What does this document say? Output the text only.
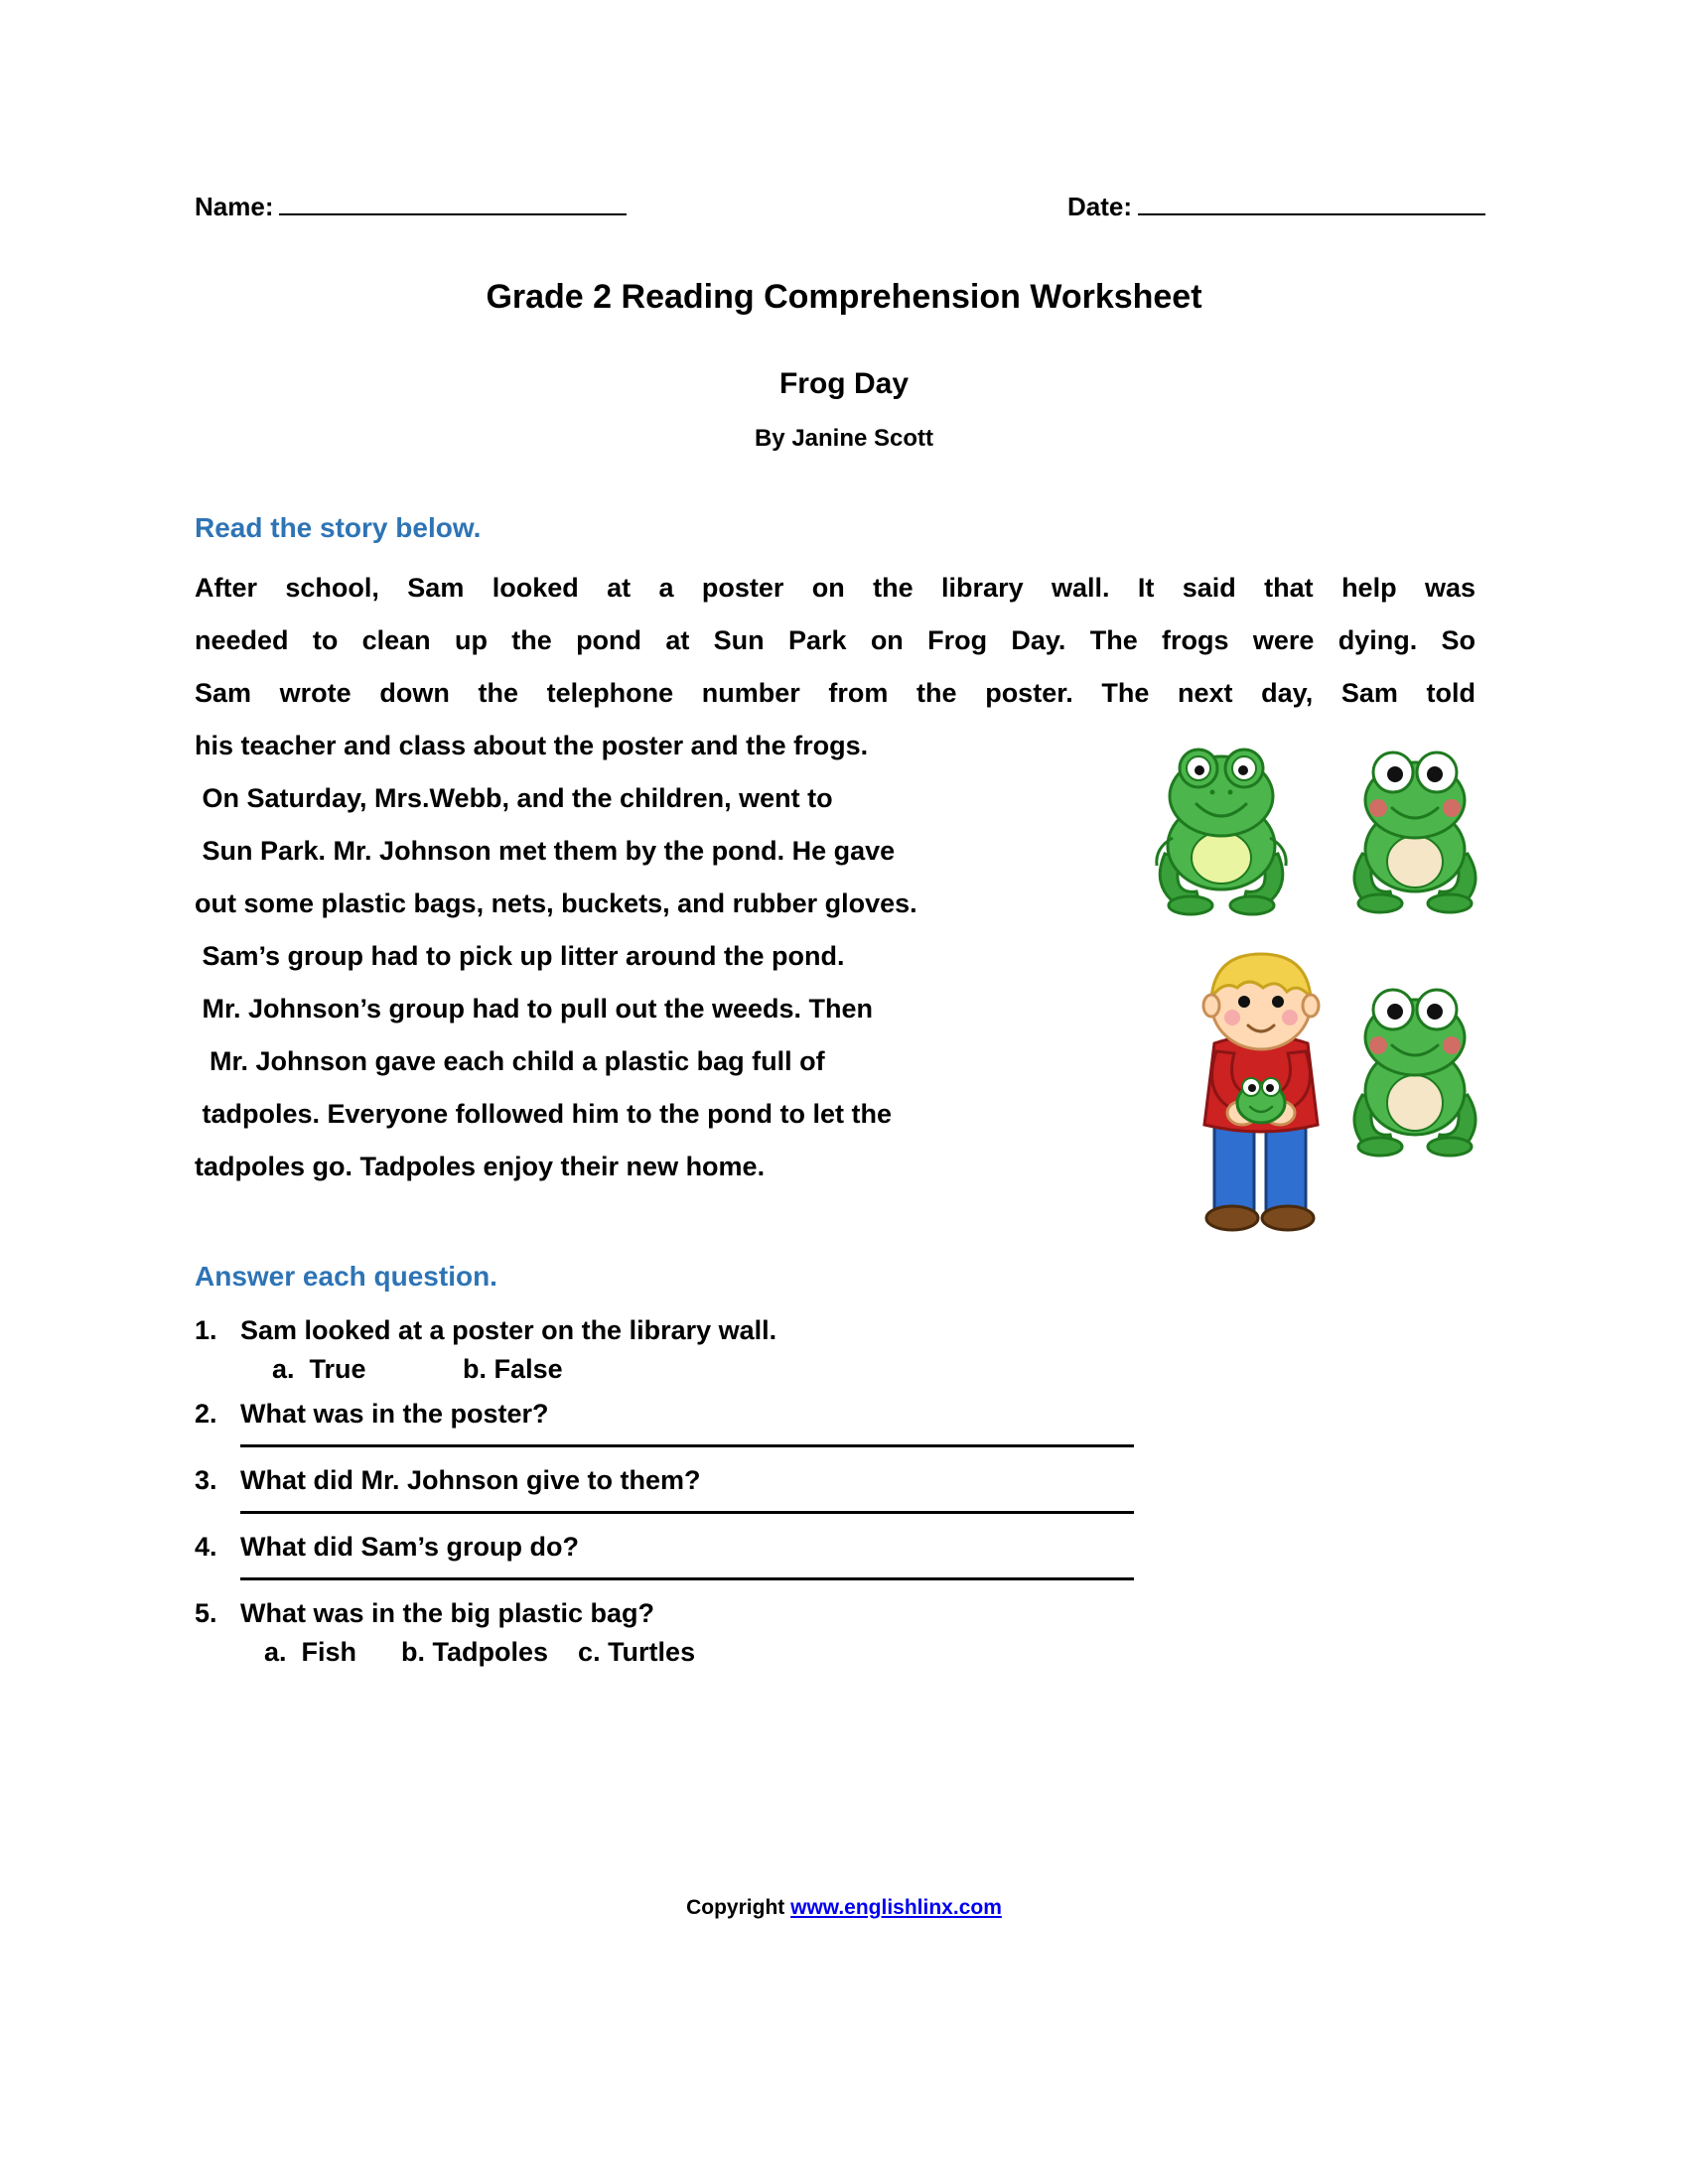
Name:	Date:
Grade 2 Reading Comprehension Worksheet
Frog Day
By Janine Scott
Read the story below.
After school, Sam looked at a poster on the library wall. It said that help was
needed to clean up the pond at Sun Park on Frog Day. The frogs were dying. So
Sam wrote down the telephone number from the poster. The next day, Sam told
his teacher and class about the poster and the frogs.
On Saturday, Mrs.Webb, and the children, went to
Sun Park. Mr. Johnson met them by the pond. He gave
out some plastic bags, nets, buckets, and rubber gloves.
Sam’s group had to pick up litter around the pond.
Mr. Johnson’s group had to pull out the weeds. Then
Mr. Johnson gave each child a plastic bag full of
tadpoles. Everyone followed him to the pond to let the
tadpoles go. Tadpoles enjoy their new home.
Answer each question.
1. Sam looked at a poster on the library wall.
a.  True             b. False
2. What was in the poster?
3. What did Mr. Johnson give to them?
4. What did Sam’s group do?
5. What was in the big plastic bag?
a.  Fish      b. Tadpoles    c. Turtles
Copyright www.englishlinx.com
